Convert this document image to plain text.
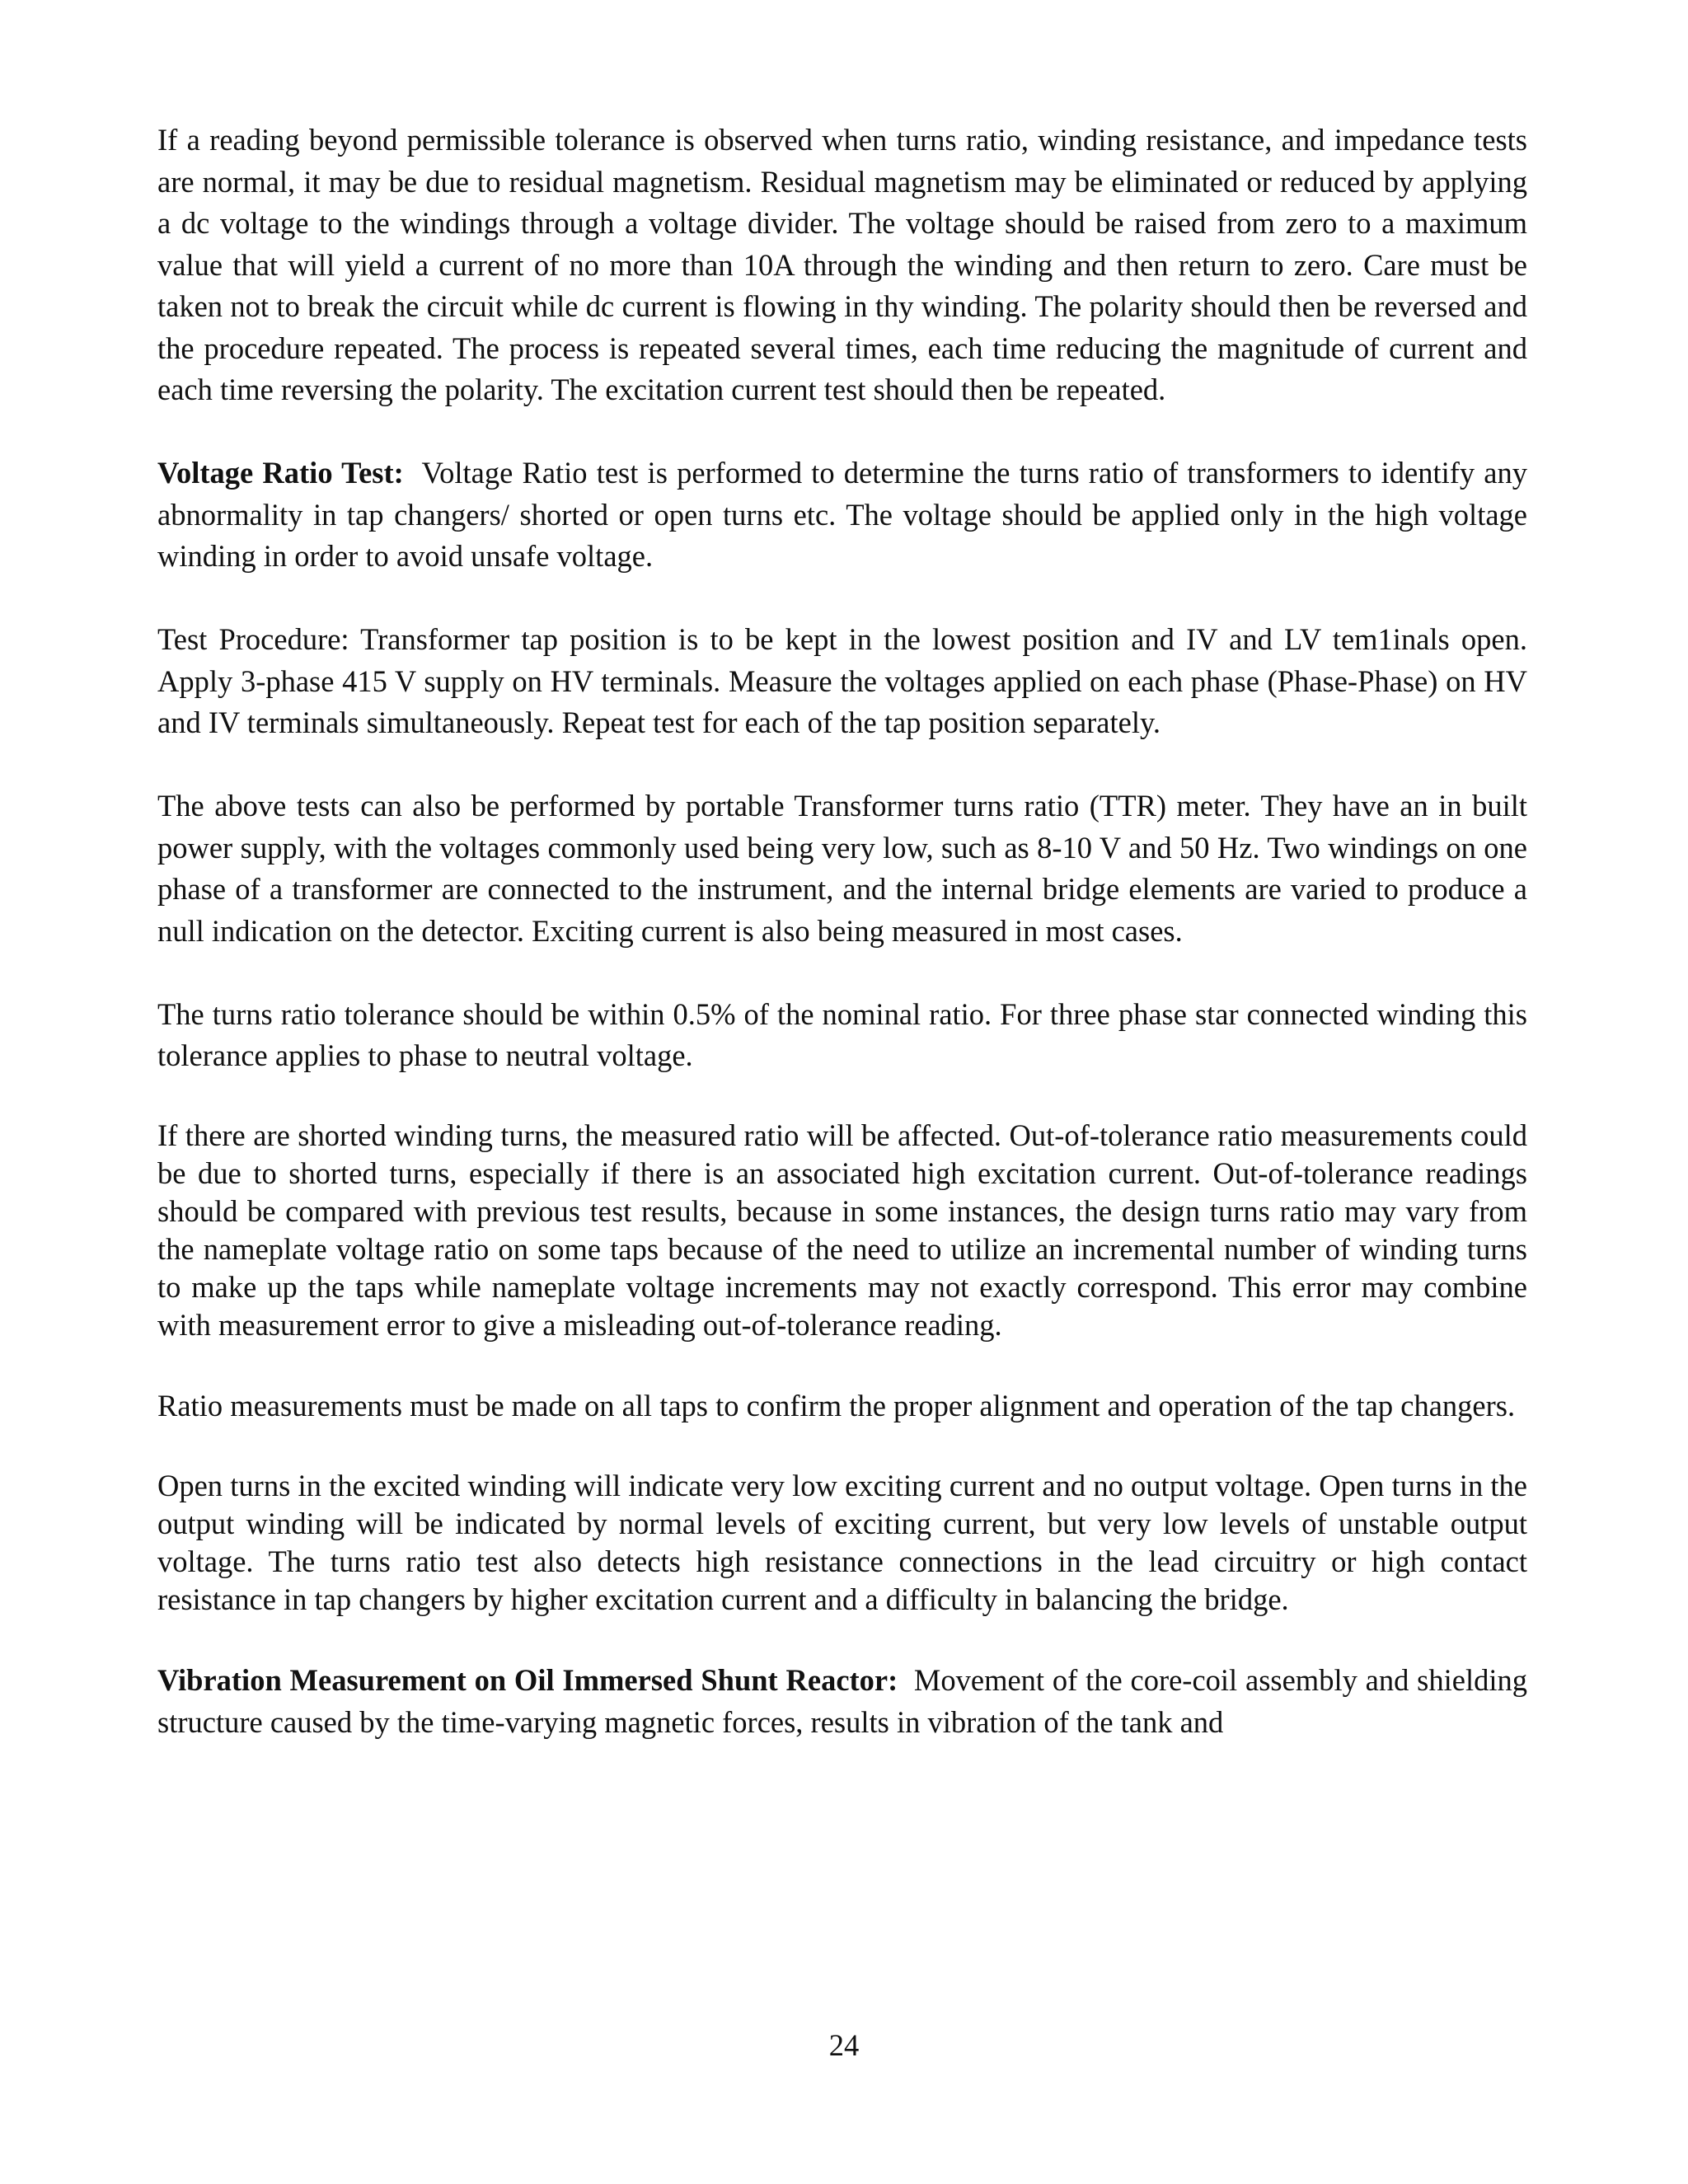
If a reading beyond permissible tolerance is observed when turns ratio, winding resistance, and impedance tests are normal, it may be due to residual magnetism. Residual magnetism may be eliminated or reduced by applying a dc voltage to the windings through a voltage divider. The voltage should be raised from zero to a maximum value that will yield a current of no more than 10A through the winding and then return to zero. Care must be taken not to break the circuit while dc current is flowing in thy winding. The polarity should then be reversed and the procedure repeated. The process is repeated several times, each time reducing the magnitude of current and each time reversing the polarity. The excitation current test should then be repeated.

Voltage Ratio Test: Voltage Ratio test is performed to determine the turns ratio of transformers to identify any abnormality in tap changers/ shorted or open turns etc. The voltage should be applied only in the high voltage winding in order to avoid unsafe voltage.

Test Procedure: Transformer tap position is to be kept in the lowest position and IV and LV tem1inals open. Apply 3-phase 415 V supply on HV terminals. Measure the voltages applied on each phase (Phase-Phase) on HV and IV terminals simultaneously. Repeat test for each of the tap position separately.

The above tests can also be performed by portable Transformer turns ratio (TTR) meter. They have an in built power supply, with the voltages commonly used being very low, such as 8-10 V and 50 Hz. Two windings on one phase of a transformer are connected to the instrument, and the internal bridge elements are varied to produce a null indication on the detector. Exciting current is also being measured in most cases.

The turns ratio tolerance should be within 0.5% of the nominal ratio. For three phase star connected winding this tolerance applies to phase to neutral voltage.

If there are shorted winding turns, the measured ratio will be affected. Out-of-tolerance ratio measurements could be due to shorted turns, especially if there is an associated high excitation current. Out-of-tolerance readings should be compared with previous test results, because in some instances, the design turns ratio may vary from the nameplate voltage ratio on some taps because of the need to utilize an incremental number of winding turns to make up the taps while nameplate voltage increments may not exactly correspond. This error may combine with measurement error to give a misleading out-of-tolerance reading.

Ratio measurements must be made on all taps to confirm the proper alignment and operation of the tap changers.

Open turns in the excited winding will indicate very low exciting current and no output voltage. Open turns in the output winding will be indicated by normal levels of exciting current, but very low levels of unstable output voltage. The turns ratio test also detects high resistance connections in the lead circuitry or high contact resistance in tap changers by higher excitation current and a difficulty in balancing the bridge.

Vibration Measurement on Oil Immersed Shunt Reactor: Movement of the core-coil assembly and shielding structure caused by the time-varying magnetic forces, results in vibration of the tank and

24
